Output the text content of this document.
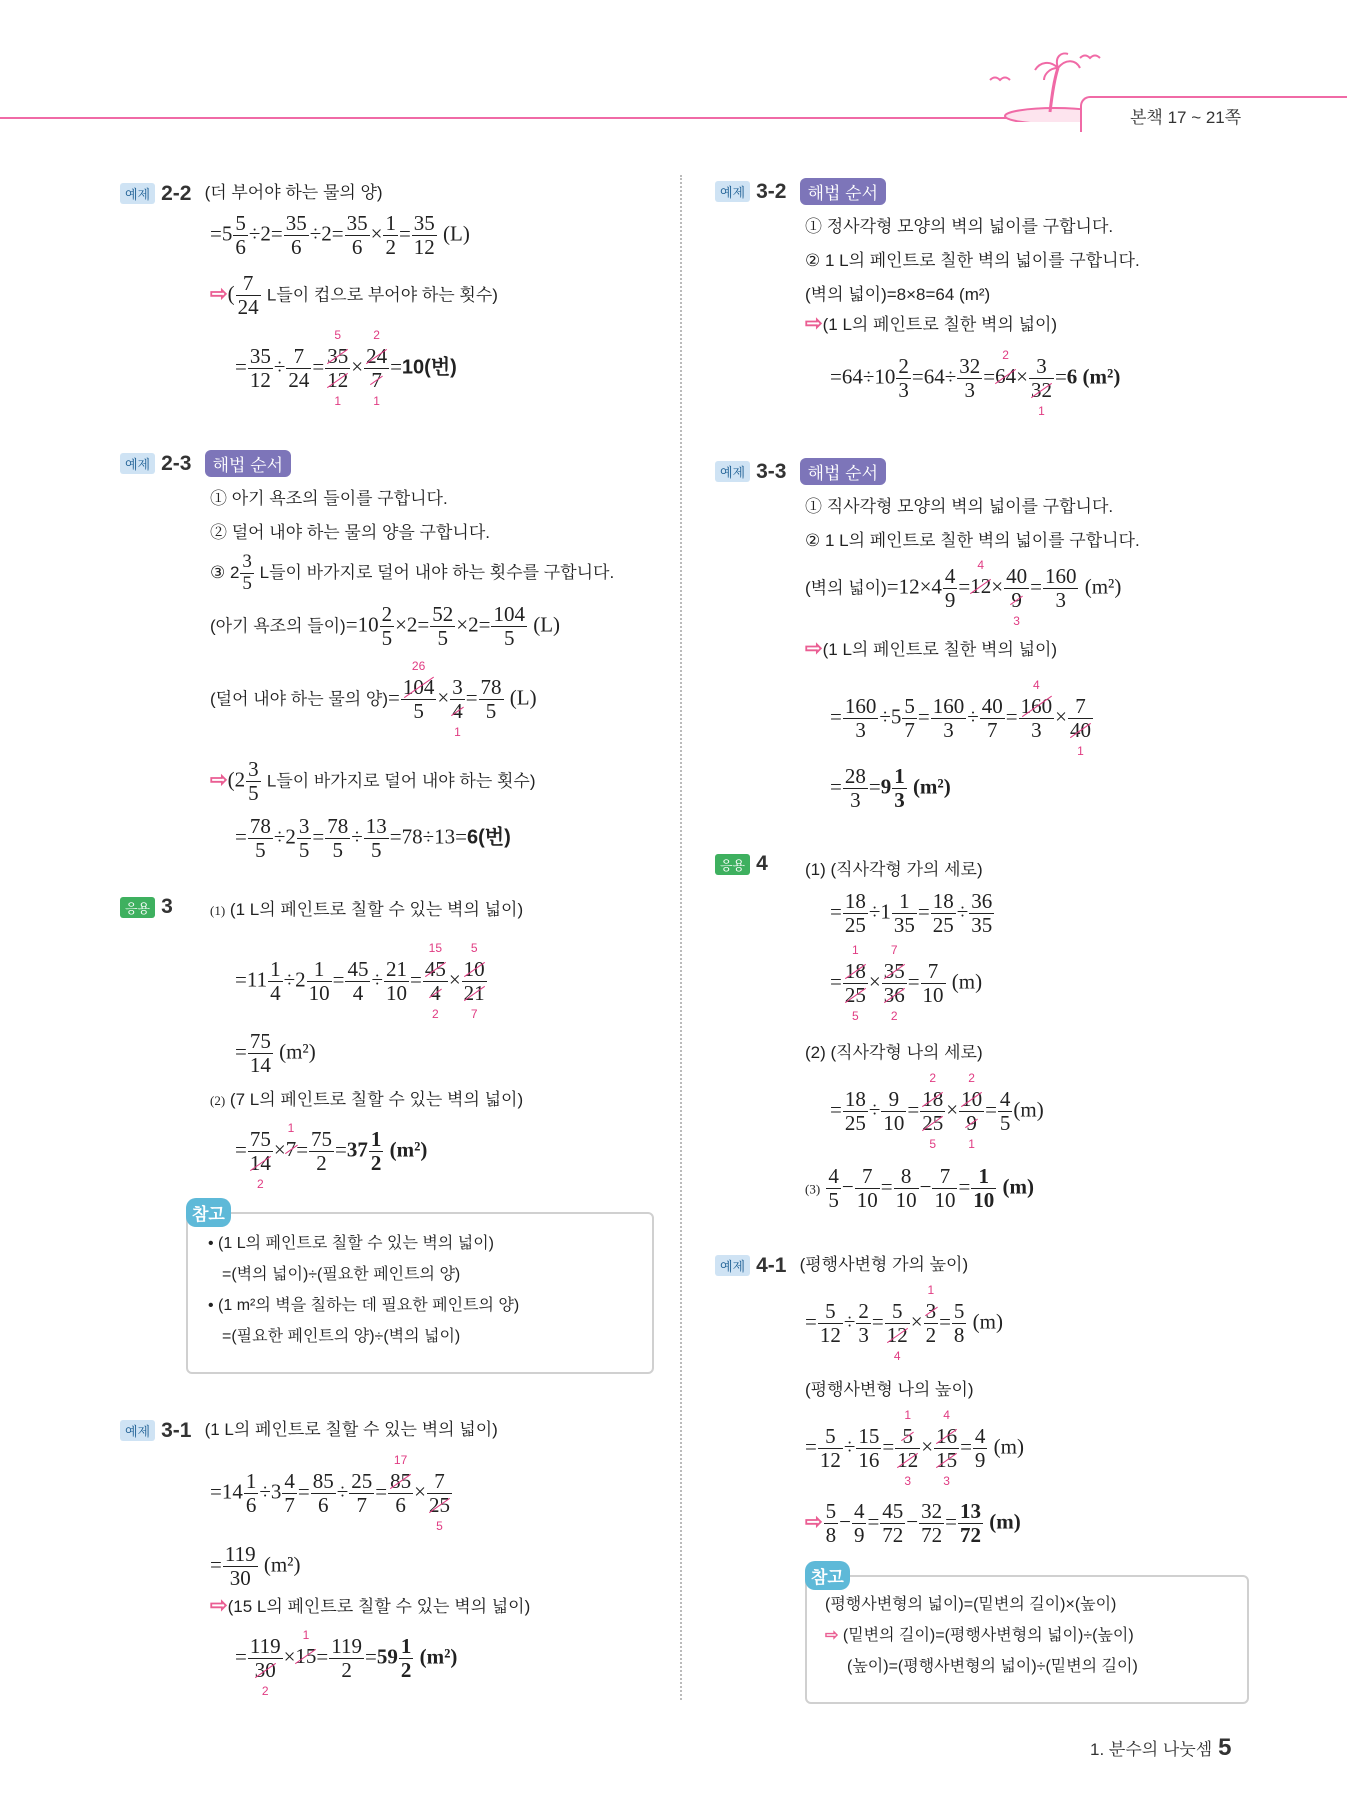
본책 17 ~ 21쪽
예제 2-2 (더 부어야 하는 물의 양)
$=5 \frac{5}{6} \div 2= \frac{35}{6} \div 2= \frac{35}{6} \times \frac{1}{2} = \frac{35}{12} (L)$
⇨( $\frac{7}{24}$ L들이 컵으로 부어야 하는 횟수)
= $\frac{35}{12} \div \frac{7}{24} = 35$
5
12
1 × 24
2
7
1 =10(번)
예제 2-3 해법 순서
① 아기 욕조의 들이를 구합니다.
② 덜어 내야 하는 물의 양을 구합니다.
③ $2 \frac{3}{5}$ L들이 바가지로 덜어 내야 하는 횟수를 구합니다.
(아기 욕조의 들이)$=10 \frac{2}{5} \times 2= \frac{52}{5} \times 2= \frac{104}{5} (L)$
(덜어 내야 하는 물의 양)= 104
26
5 × 3
4
$1 = \frac{78}{5} (L)$
⇨(2 $\frac{3}{5}$ L들이 바가지로 덜어 내야 하는 횟수)
= $\frac{78}{5} \div 2 \frac{3}{5} = \frac{78}{5} \div \frac{13}{5} =78\div 13=6$(번)
응용 3	(1) (1 L의 페인트로 칠할 수 있는 벽의 넓이)
$=11 \frac{1}{4} \div 2 \frac{1}{10} = \frac{45}{4} \div \frac{21}{10} = 45$
15
4
2 × 10
5
21
7
= $\frac{75}{14} (m^2)$
(2) (7 L의 페인트로 칠할 수 있는 벽의 넓이)
= 75
14
2 ×7
1
= $\frac{75}{2} =37 \frac{1}{2} (m^2)$
참고
• (1 L의 페인트로 칠할 수 있는 벽의 넓이)
=(벽의 넓이)÷(필요한 페인트의 양)
• (1 m²의 벽을 칠하는 데 필요한 페인트의 양)
=(필요한 페인트의 양)÷(벽의 넓이)
예제 3-1 (1 L의 페인트로 칠할 수 있는 벽의 넓이)
$=14 \frac{1}{6} \div 3 \frac{4}{7} = \frac{85}{6} \div \frac{25}{7} = 85$
17
6 × 7
25
5
= $\frac{119}{30} (m^2)$
⇨(15 L의 페인트로 칠할 수 있는 벽의 넓이)
= 119
30
2 ×15
1
= $\frac{119}{2} =59 \frac{1}{2} (m^2)$
예제 3-2 해법 순서
① 정사각형 모양의 벽의 넓이를 구합니다.
② 1 L의 페인트로 칠한 벽의 넓이를 구합니다.
(벽의 넓이)=8×8=64 (m²)
⇨(1 L의 페인트로 칠한 벽의 넓이)
$=64\div 10 \frac{2}{3} =64\div \frac{32}{3} =64$
2
× 3
32
1 =6 (m²)
예제 3-3 해법 순서
① 직사각형 모양의 벽의 넓이를 구합니다.
② 1 L의 페인트로 칠한 벽의 넓이를 구합니다.
(벽의 넓이)$=12\times 4 \frac{4}{9} =12$
4
× 40
9
$3 = \frac{160}{3} (m^2)$
⇨(1 L의 페인트로 칠한 벽의 넓이)
= $\frac{160}{3} \div 5 \frac{5}{7} = \frac{160}{3} \div \frac{40}{7} = 160$
4
3 × 7
40
1
= $\frac{28}{3} =9 \frac{1}{3} (m^2)$
응용 4 (1) (직사각형 가의 세로)
= $\frac{18}{25} \div 1 \frac{1}{35} = \frac{18}{25} \div \frac{36}{35}$
= 18
1
25
5 × 35
7
36
$2 = \frac{7}{10} (m)$
(2) (직사각형 나의 세로)
= $\frac{18}{25} \div \frac{9}{10} = 18$
2
25
5 × 10
2
9
$1 = \frac{4}{5} (m)$
$(3) \frac{4}{5} - \frac{7}{10} = \frac{8}{10} - \frac{7}{10} = \frac{1}{10} (m)$
예제 4-1 (평행사변형 가의 높이)
= $\frac{5}{12} \div \frac{2}{3} = 5$
12
4 × 3
1
$2 = \frac{5}{8} (m)$
(평행사변형 나의 높이)
= $\frac{5}{12} \div \frac{15}{16} = 5$
1
12
3 × 16
4
15
$3 = \frac{4}{9} (m)$
⇨ $\frac{5}{8} - \frac{4}{9} = \frac{45}{72} - \frac{32}{72} = \frac{13}{72} (m)$
참고
(평행사변형의 넓이)=(밑변의 길이)×(높이)
⇨ (밑변의 길이)=(평행사변형의 넓이)÷(높이)
(높이)=(평행사변형의 넓이)÷(밑변의 길이)
1. 분수의 나눗셈 5
